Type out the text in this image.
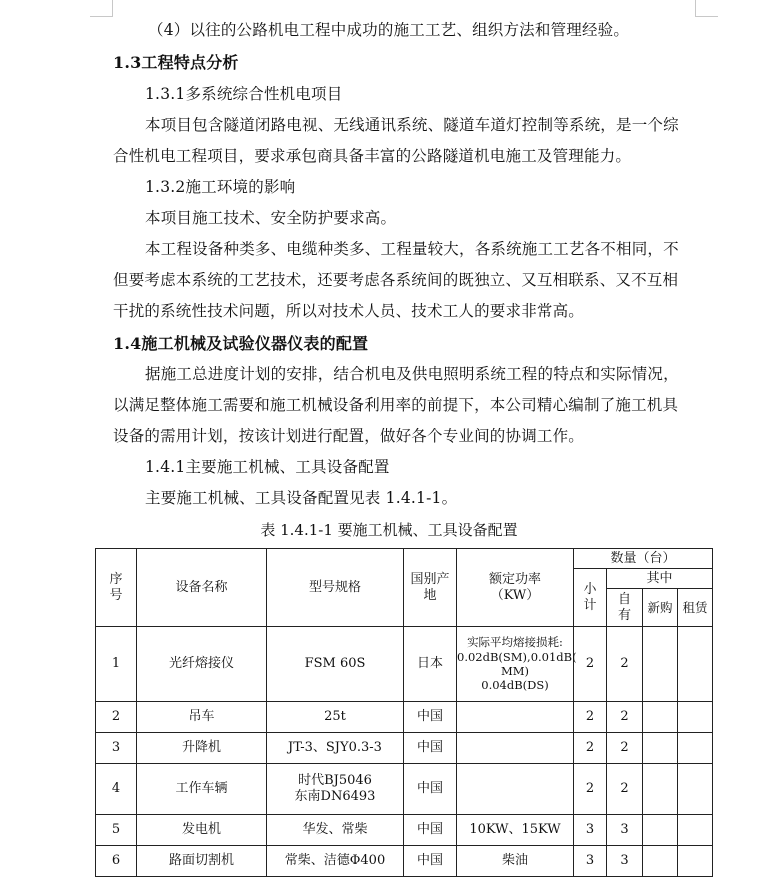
（4）以往的公路机电工程中成功的施工工艺、组织方法和管理经验。
1.3工程特点分析
1.3.1多系统综合性机电项目
本项目包含隧道闭路电视、无线通讯系统、隧道车道灯控制等系统，是一个综
合性机电工程项目，要求承包商具备丰富的公路隧道机电施工及管理能力。
1.3.2施工环境的影响
本项目施工技术、安全防护要求高。
本工程设备种类多、电缆种类多、工程量较大，各系统施工工艺各不相同，不
但要考虑本系统的工艺技术，还要考虑各系统间的既独立、又互相联系、又不互相
干扰的系统性技术问题，所以对技术人员、技术工人的要求非常高。
1.4施工机械及试验仪器仪表的配置
据施工总进度计划的安排，结合机电及供电照明系统工程的特点和实际情况，
以满足整体施工需要和施工机械设备利用率的前提下，本公司精心编制了施工机具
设备的需用计划，按该计划进行配置，做好各个专业间的协调工作。
1.4.1主要施工机械、工具设备配置
主要施工机械、工具设备配置见表 1.4.1-1。
表 1.4.1-1 要施工机械、工具设备配置
序号	设备名称	型号规格	国别产地	额定功率
（KW）	数量（台）			
					小计	其中		
						自有	新购	租赁
1	光纤熔接仪	FSM 60S	日本	实际平均熔接损耗:
0.02dB(SM),0.01dB(
MM)
0.04dB(DS)	2	2		
2	吊车	25t	中国		2	2		
3	升降机	JT-3、SJY0.3-3	中国		2	2		
4	工作车辆	时代BJ5046
东南DN6493	中国		2	2		
5	发电机	华发、常柴	中国	10KW、15KW	3	3		
6	路面切割机	常柴、洁德Φ400	中国	柴油	3	3		
